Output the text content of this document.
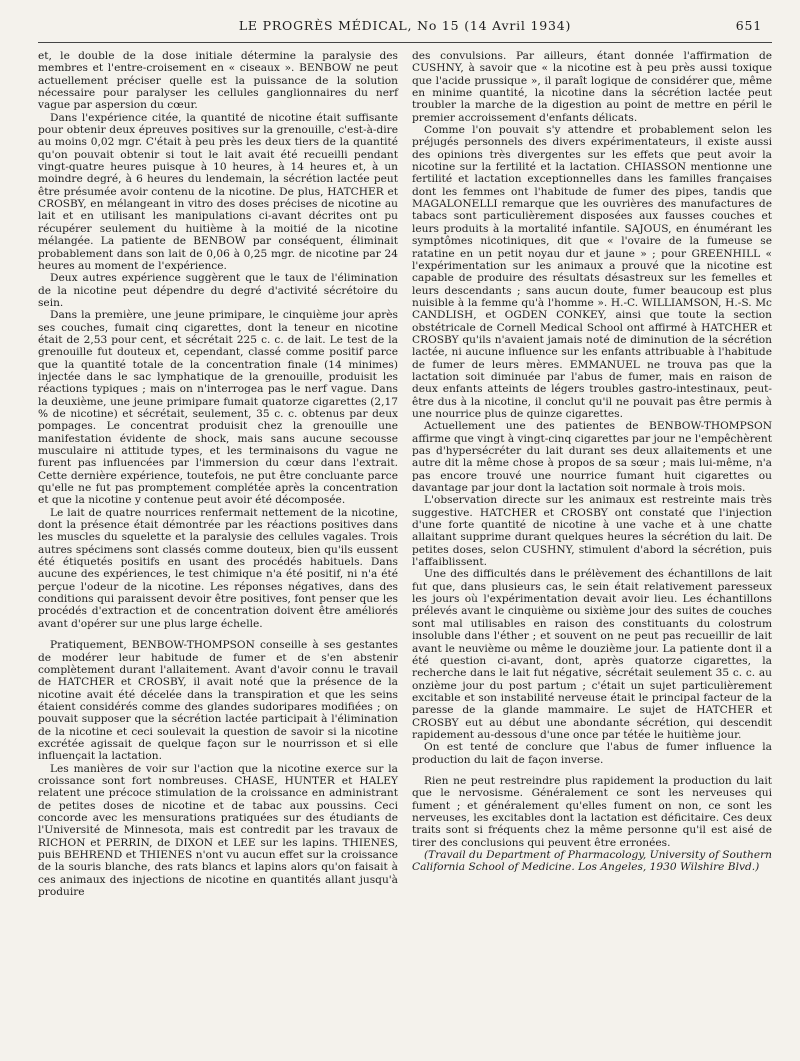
LE PROGRÈS MÉDICAL, No 15 (14 Avril 1934)	651

et, le double de la dose initiale détermine la paralysie des membres et l'entre-croisement en « ciseaux ». BENBOW ne peut actuellement préciser quelle est la puissance de la solution nécessaire pour paralyser les cellules ganglionnaires du nerf vague par aspersion du cœur.

Dans l'expérience citée, la quantité de nicotine était suffisante pour obtenir deux épreuves positives sur la grenouille, c'est-à-dire au moins 0,02 mgr. C'était à peu près les deux tiers de la quantité qu'on pouvait obtenir si tout le lait avait été recueilli pendant vingt-quatre heures puisque à 10 heures, à 14 heures et, à un moindre degré, à 6 heures du lendemain, la sécrétion lactée peut être présumée avoir contenu de la nicotine. De plus, HATCHER et CROSBY, en mélangeant in vitro des doses précises de nicotine au lait et en utilisant les manipulations ci-avant décrites ont pu récupérer seulement du huitième à la moitié de la nicotine mélangée. La patiente de BENBOW par conséquent, éliminait probablement dans son lait de 0,06 à 0,25 mgr. de nicotine par 24 heures au moment de l'expérience.

Deux autres expérience suggèrent que le taux de l'élimination de la nicotine peut dépendre du degré d'activité sécrétoire du sein.

Dans la première, une jeune primipare, le cinquième jour après ses couches, fumait cinq cigarettes, dont la teneur en nicotine était de 2,53 pour cent, et sécrétait 225 c. c. de lait. Le test de la grenouille fut douteux et, cependant, classé comme positif parce que la quantité totale de la concentration finale (14 minimes) injectée dans le sac lymphatique de la grenouille, produisit les réactions typiques ; mais on n'interrogea pas le nerf vague. Dans la deuxième, une jeune primipare fumait quatorze cigarettes (2,17 % de nicotine) et sécrétait, seulement, 35 c. c. obtenus par deux pompages. Le concentrat produisit chez la grenouille une manifestation évidente de shock, mais sans aucune secousse musculaire ni attitude types, et les terminaisons du vague ne furent pas influencées par l'immersion du cœur dans l'extrait. Cette dernière expérience, toutefois, ne put être concluante parce qu'elle ne fut pas promptement complétée après la concentration et que la nicotine y contenue peut avoir été décomposée.

Le lait de quatre nourrices renfermait nettement de la nicotine, dont la présence était démontrée par les réactions positives dans les muscles du squelette et la paralysie des cellules vagales. Trois autres spécimens sont classés comme douteux, bien qu'ils eussent été étiquetés positifs en usant des procédés habituels. Dans aucune des expériences, le test chimique n'a été positif, ni n'a été perçue l'odeur de la nicotine. Les réponses négatives, dans des conditions qui paraissent devoir être positives, font penser que les procédés d'extraction et de concentration doivent être améliorés avant d'opérer sur une plus large échelle.

Pratiquement, BENBOW-THOMPSON conseille à ses gestantes de modérer leur habitude de fumer et de s'en abstenir complètement durant l'allaitement. Avant d'avoir connu le travail de HATCHER et CROSBY, il avait noté que la présence de la nicotine avait été décelée dans la transpiration et que les seins étaient considérés comme des glandes sudoripares modifiées ; on pouvait supposer que la sécrétion lactée participait à l'élimination de la nicotine et ceci soulevait la question de savoir si la nicotine excrétée agissait de quelque façon sur le nourrisson et si elle influençait la lactation.

Les manières de voir sur l'action que la nicotine exerce sur la croissance sont fort nombreuses. CHASE, HUNTER et HALEY relatent une précoce stimulation de la croissance en administrant de petites doses de nicotine et de tabac aux poussins. Ceci concorde avec les mensurations pratiquées sur des étudiants de l'Université de Minnesota, mais est contredit par les travaux de RICHON et PERRIN, de DIXON et LEE sur les lapins. THIENES, puis BEHREND et THIENES n'ont vu aucun effet sur la croissance de la souris blanche, des rats blancs et lapins alors qu'on faisait à ces animaux des injections de nicotine en quantités allant jusqu'à produire

des convulsions. Par ailleurs, étant donnée l'affirmation de CUSHNY, à savoir que « la nicotine est à peu près aussi toxique que l'acide prussique », il paraît logique de considérer que, même en minime quantité, la nicotine dans la sécrétion lactée peut troubler la marche de la digestion au point de mettre en péril le premier accroissement d'enfants délicats.

Comme l'on pouvait s'y attendre et probablement selon les préjugés personnels des divers expérimentateurs, il existe aussi des opinions très divergentes sur les effets que peut avoir la nicotine sur la fertilité et la lactation. CHIASSON mentionne une fertilité et lactation exceptionnelles dans les familles françaises dont les femmes ont l'habitude de fumer des pipes, tandis que MAGALONELLI remarque que les ouvrières des manufactures de tabacs sont particulièrement disposées aux fausses couches et leurs produits à la mortalité infantile. SAJOUS, en énumérant les symptômes nicotiniques, dit que « l'ovaire de la fumeuse se ratatine en un petit noyau dur et jaune » ; pour GREENHILL « l'expérimentation sur les animaux a prouvé que la nicotine est capable de produire des résultats désastreux sur les femelles et leurs descendants ; sans aucun doute, fumer beaucoup est plus nuisible à la femme qu'à l'homme ». H.-C. WILLIAMSON, H.-S. Mc CANDLISH, et OGDEN CONKEY, ainsi que toute la section obstétricale de Cornell Medical School ont affirmé à HATCHER et CROSBY qu'ils n'avaient jamais noté de diminution de la sécrétion lactée, ni aucune influence sur les enfants attribuable à l'habitude de fumer de leurs mères. EMMANUEL ne trouva pas que la lactation soit diminuée par l'abus de fumer, mais en raison de deux enfants atteints de légers troubles gastro-intestinaux, peut-être dus à la nicotine, il conclut qu'il ne pouvait pas être permis à une nourrice plus de quinze cigarettes.

Actuellement une des patientes de BENBOW-THOMPSON affirme que vingt à vingt-cinq cigarettes par jour ne l'empêchèrent pas d'hypersécréter du lait durant ses deux allaitements et une autre dit la même chose à propos de sa sœur ; mais lui-même, n'a pas encore trouvé une nourrice fumant huit cigarettes ou davantage par jour dont la lactation soit normale à trois mois.

L'observation directe sur les animaux est restreinte mais très suggestive. HATCHER et CROSBY ont constaté que l'injection d'une forte quantité de nicotine à une vache et à une chatte allaitant supprime durant quelques heures la sécrétion du lait. De petites doses, selon CUSHNY, stimulent d'abord la sécrétion, puis l'affaiblissent.

Une des difficultés dans le prélèvement des échantillons de lait fut que, dans plusieurs cas, le sein était relativement paresseux les jours où l'expérimentation devait avoir lieu. Les échantillons prélevés avant le cinquième ou sixième jour des suites de couches sont mal utilisables en raison des constituants du colostrum insoluble dans l'éther ; et souvent on ne peut pas recueillir de lait avant le neuvième ou même le douzième jour. La patiente dont il a été question ci-avant, dont, après quatorze cigarettes, la recherche dans le lait fut négative, sécrétait seulement 35 c. c. au onzième jour du post partum ; c'était un sujet particulièrement excitable et son instabilité nerveuse était le principal facteur de la paresse de la glande mammaire. Le sujet de HATCHER et CROSBY eut au début une abondante sécrétion, qui descendit rapidement au-dessous d'une once par tétée le huitième jour.

On est tenté de conclure que l'abus de fumer influence la production du lait de façon inverse.

Rien ne peut restreindre plus rapidement la production du lait que le nervosisme. Généralement ce sont les nerveuses qui fument ; et généralement qu'elles fument on non, ce sont les nerveuses, les excitables dont la lactation est déficitaire. Ces deux traits sont si fréquents chez la même personne qu'il est aisé de tirer des conclusions qui peuvent être erronées.

(Travail du Department of Pharmacology, University of Southern California School of Medicine. Los Angeles, 1930 Wilshire Blvd.)
